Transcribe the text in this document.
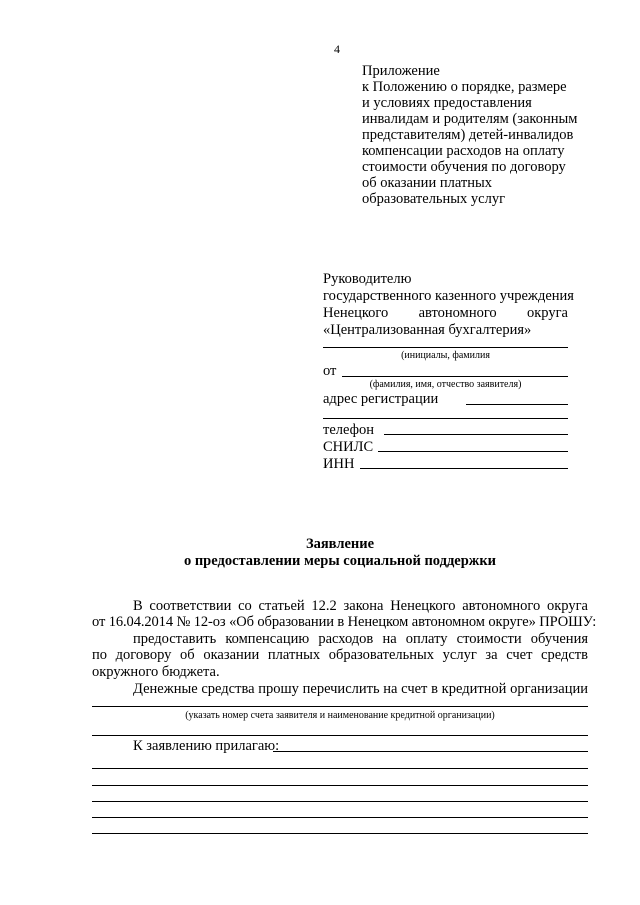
4
Приложение
к Положению о порядке, размере
и условиях предоставления
инвалидам и родителям (законным
представителям) детей-инвалидов
компенсации расходов на оплату
стоимости обучения по договору
об оказании платных
образовательных услуг
Руководителю
государственного казенного учреждения
Ненецкого автономного округа
«Централизованная бухгалтерия»
(инициалы, фамилия
от
(фамилия, имя, отчество заявителя)
адрес регистрации
телефон
СНИЛС
ИНН
Заявление
о предоставлении меры социальной поддержки
В соответствии со статьей 12.2 закона Ненецкого автономного округа
от 16.04.2014 № 12-оз «Об образовании в Ненецком автономном округе» ПРОШУ:
предоставить компенсацию расходов на оплату стоимости обучения
по договору об оказании платных образовательных услуг за счет средств
окружного бюджета.
Денежные средства прошу перечислить на счет в кредитной организации
(указать номер счета заявителя и наименование кредитной организации)
К заявлению прилагаю:
